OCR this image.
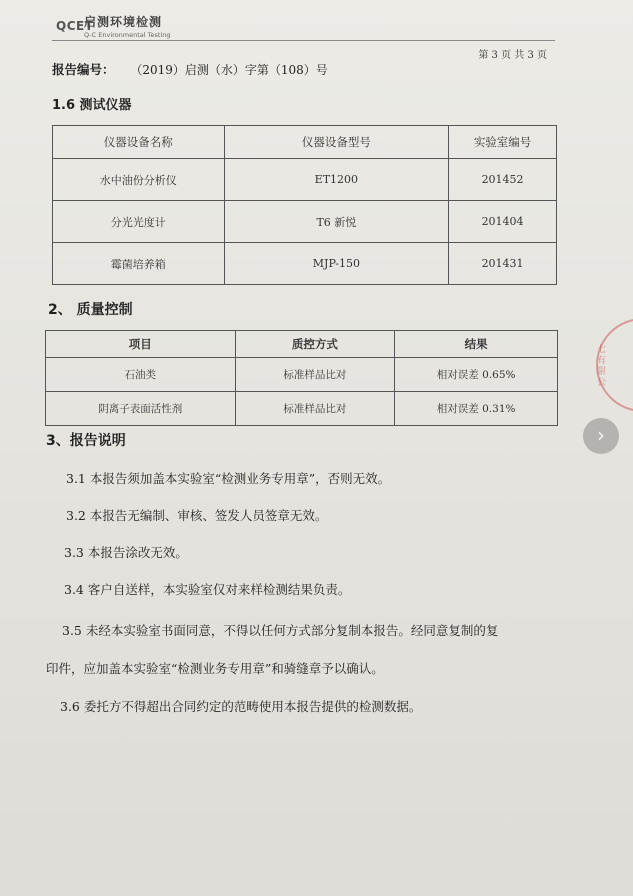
QCET
启测环境检测
Q-C Environmental Testing
第 3 页 共 3 页
报告编号： （2019）启测（水）字第（108）号
1.6 测试仪器
仪器设备名称	仪器设备型号	实验室编号
水中油份分析仪	ET1200	201452
分光光度计	T6 新悦	201404
霉菌培养箱	MJP-150	201431
2、 质量控制
项目	质控方式	结果
石油类	标准样品比对	相对误差 0.65%
阴离子表面活性剂	标准样品比对	相对误差 0.31%
3、报告说明
3.1 本报告须加盖本实验室“检测业务专用章”，否则无效。
3.2 本报告无编制、审核、签发人员签章无效。
3.3 本报告涂改无效。
3.4 客户自送样，本实验室仅对来样检测结果负责。
3.5 未经本实验室书面同意，不得以任何方式部分复制本报告。经同意复制的复
印件，应加盖本实验室“检测业务专用章”和骑缝章予以确认。
3.6 委托方不得超出合同约定的范畴使用本报告提供的检测数据。
七有限公
›
